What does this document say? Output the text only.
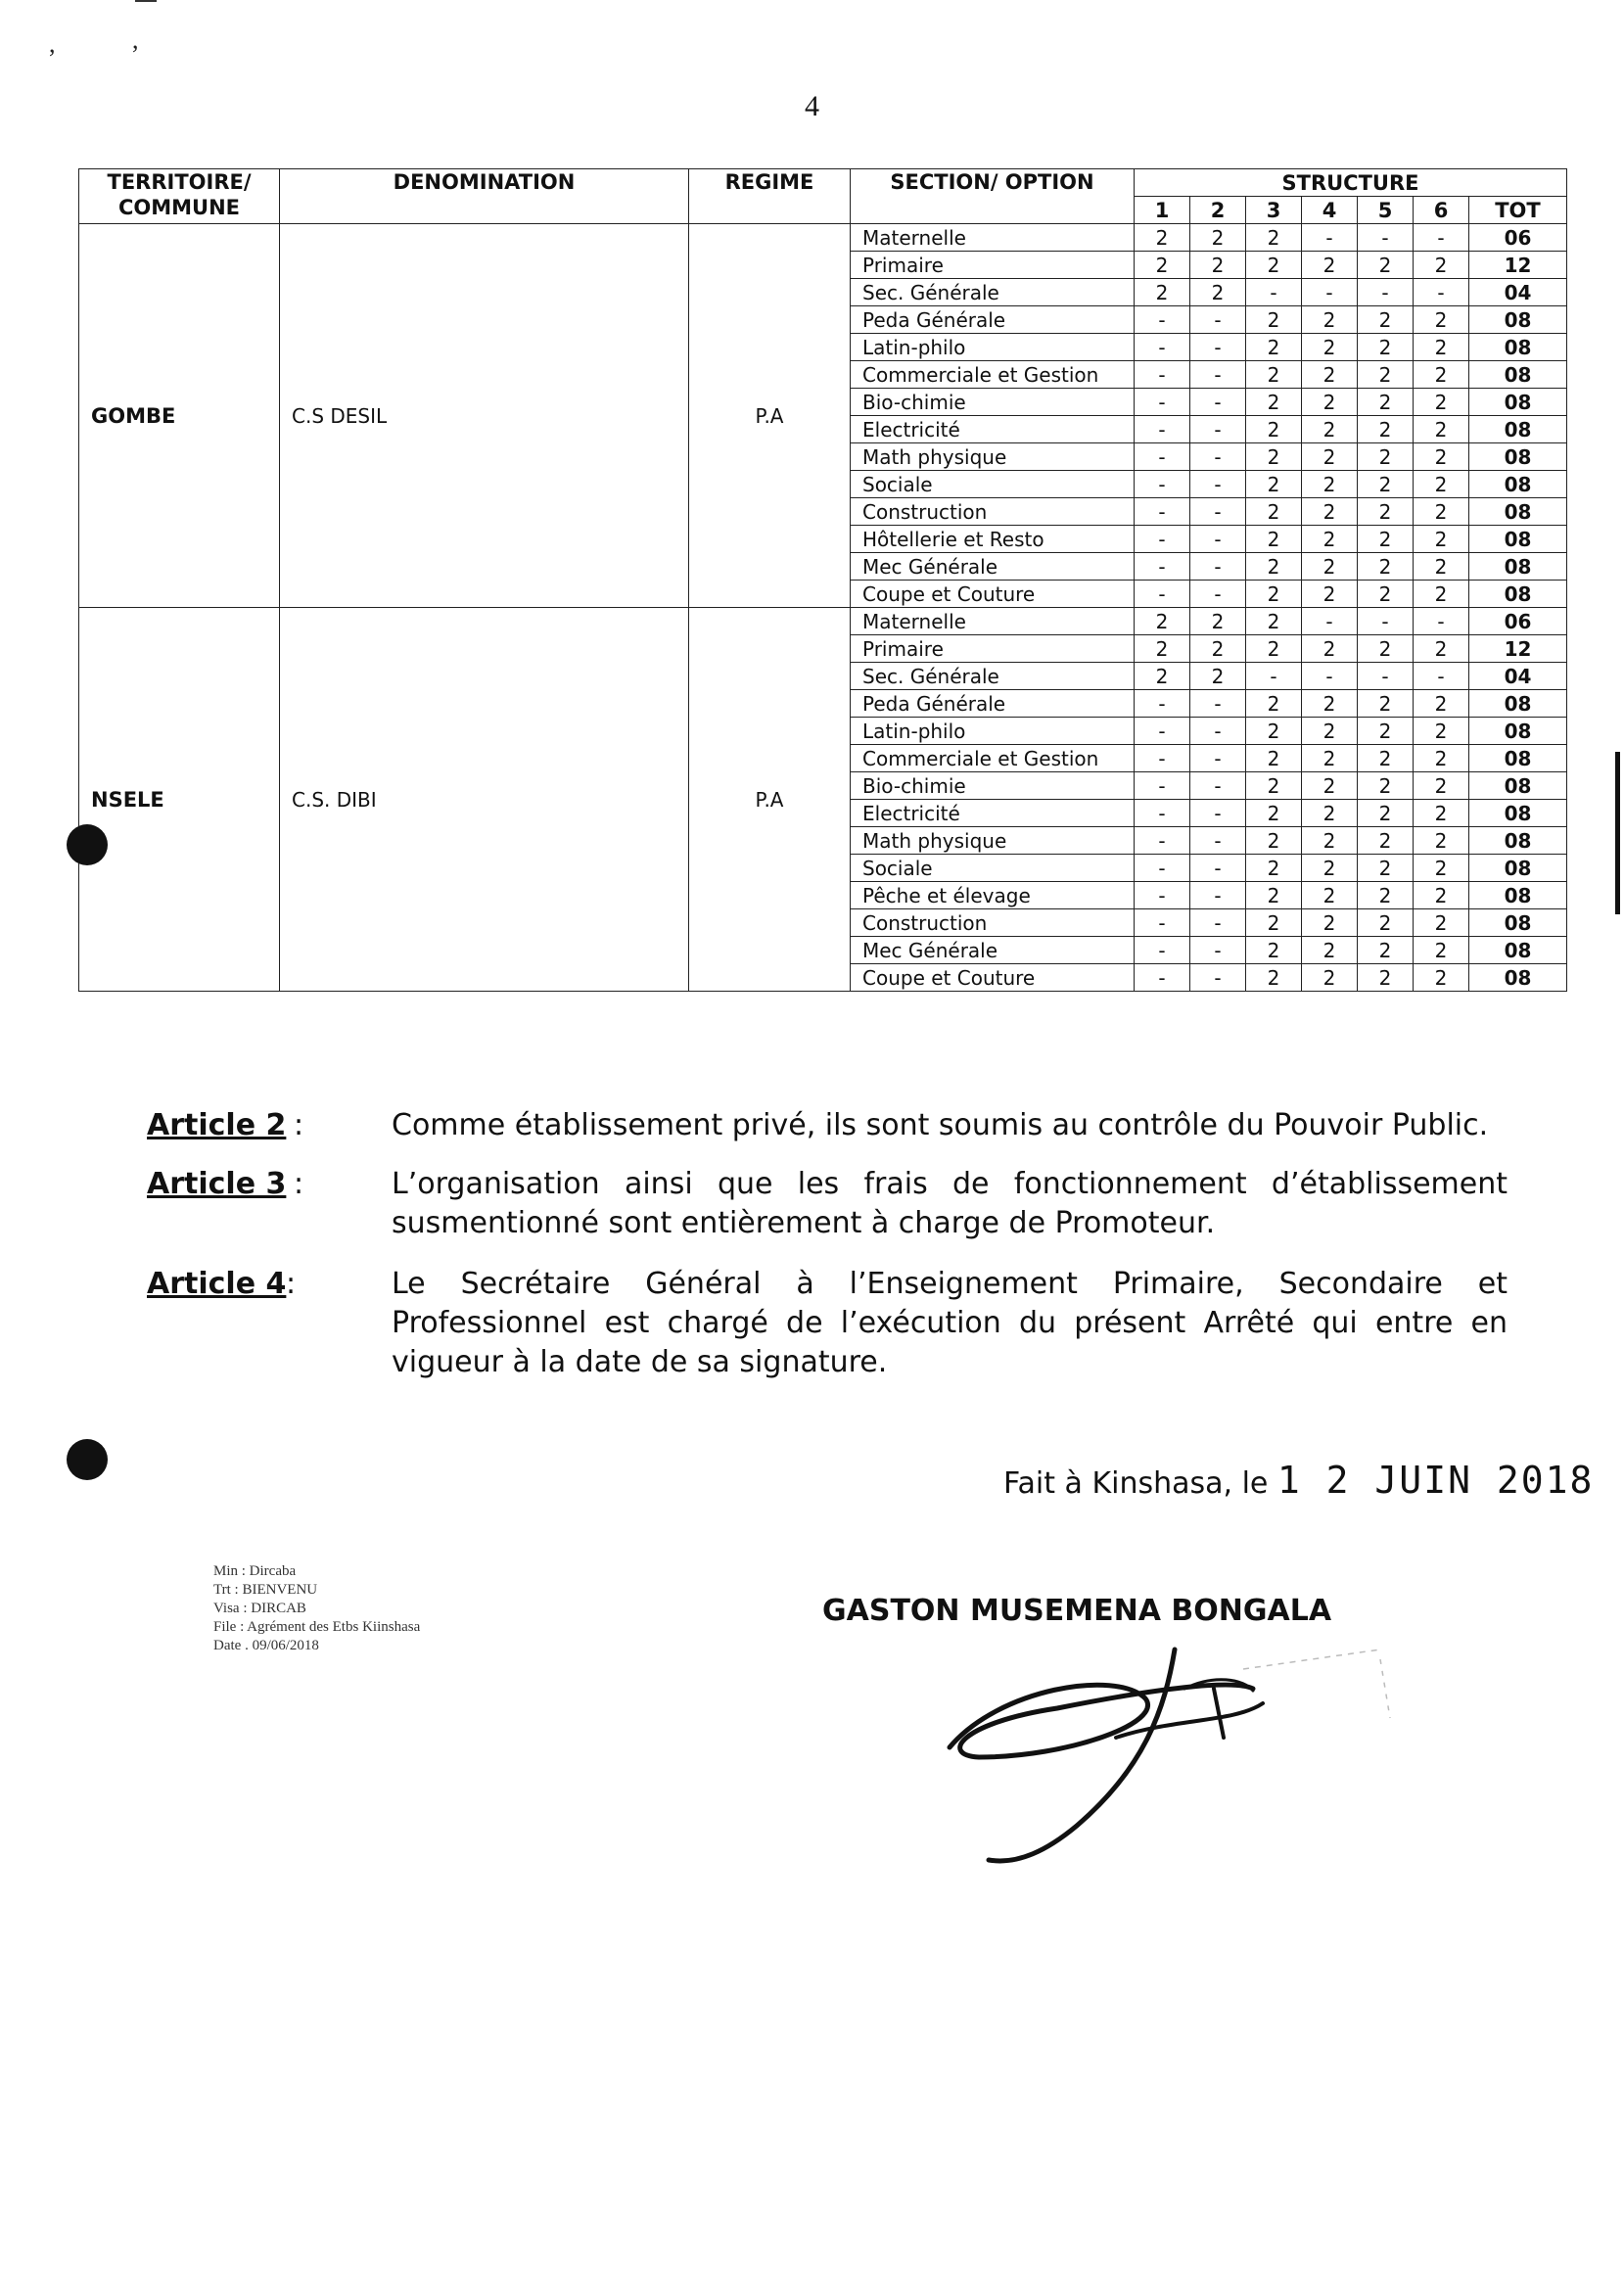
,	,
4
TERRITOIRE/ COMMUNE	DENOMINATION	REGIME	SECTION/ OPTION	STRUCTURE						
				1	2	3	4	5	6	TOT
GOMBE	C.S DESIL	P.A	Maternelle	2	2	2	-	-	-	06
			Primaire	2	2	2	2	2	2	12
			Sec. Générale	2	2	-	-	-	-	04
			Peda Générale	-	-	2	2	2	2	08
			Latin-philo	-	-	2	2	2	2	08
			Commerciale et Gestion	-	-	2	2	2	2	08
			Bio-chimie	-	-	2	2	2	2	08
			Electricité	-	-	2	2	2	2	08
			Math physique	-	-	2	2	2	2	08
			Sociale	-	-	2	2	2	2	08
			Construction	-	-	2	2	2	2	08
			Hôtellerie et Resto	-	-	2	2	2	2	08
			Mec Générale	-	-	2	2	2	2	08
			Coupe et Couture	-	-	2	2	2	2	08
NSELE	C.S. DIBI	P.A	Maternelle	2	2	2	-	-	-	06
			Primaire	2	2	2	2	2	2	12
			Sec. Générale	2	2	-	-	-	-	04
			Peda Générale	-	-	2	2	2	2	08
			Latin-philo	-	-	2	2	2	2	08
			Commerciale et Gestion	-	-	2	2	2	2	08
			Bio-chimie	-	-	2	2	2	2	08
			Electricité	-	-	2	2	2	2	08
			Math physique	-	-	2	2	2	2	08
			Sociale	-	-	2	2	2	2	08
			Pêche et élevage	-	-	2	2	2	2	08
			Construction	-	-	2	2	2	2	08
			Mec Générale	-	-	2	2	2	2	08
			Coupe et Couture	-	-	2	2	2	2	08
Article 2 :	Comme établissement privé, ils sont soumis au contrôle du Pouvoir Public.
Article 3 :	L’organisation ainsi que les frais de fonctionnement d’établissement susmentionné sont entièrement à charge de Promoteur.
Article 4 :	Le Secrétaire Général à l’Enseignement Primaire, Secondaire et Professionnel est chargé de l’exécution du présent Arrêté qui entre en vigueur à la date de sa signature.
Fait à Kinshasa, le 1 2 JUIN 2018
Min : Dircaba
Trt : BIENVENU
Visa : DIRCAB
File : Agrément des Etbs Kiinshasa
Date . 09/06/2018
GASTON MUSEMENA BONGALA
